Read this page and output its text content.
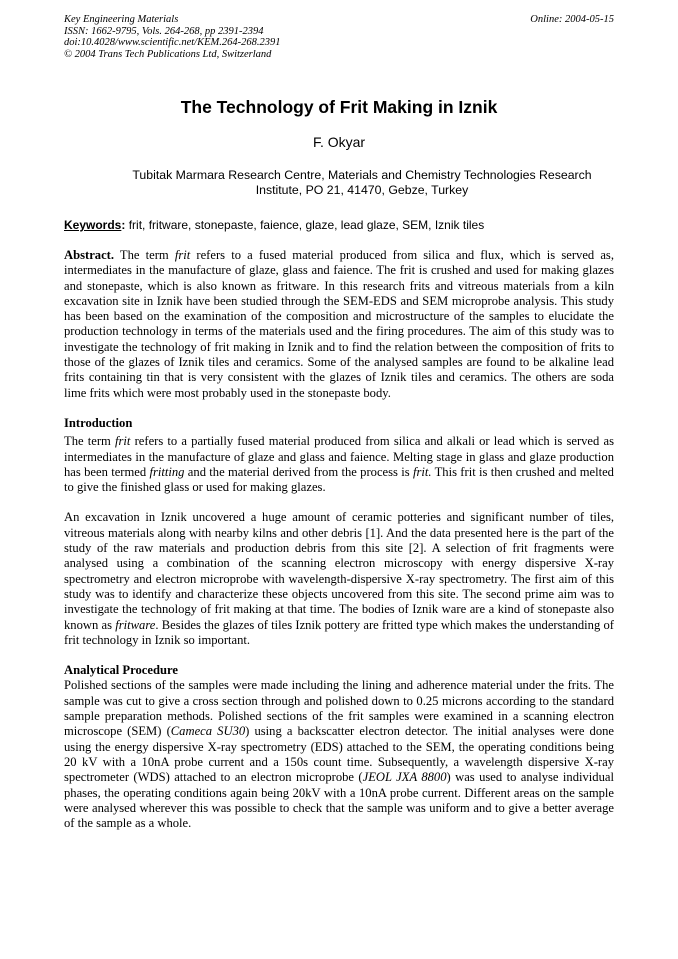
Key Engineering Materials
ISSN: 1662-9795, Vols. 264-268, pp 2391-2394
doi:10.4028/www.scientific.net/KEM.264-268.2391
© 2004 Trans Tech Publications Ltd, Switzerland
Online: 2004-05-15
The Technology of Frit Making in Iznik
F. Okyar
Tubitak Marmara Research Centre, Materials and Chemistry Technologies Research
Institute, PO 21, 41470, Gebze, Turkey
Keywords: frit, fritware, stonepaste, faience, glaze, lead glaze, SEM, Iznik tiles

Abstract. The term frit refers to a fused material produced from silica and flux, which is served as, intermediates in the manufacture of glaze, glass and faience. The frit is crushed and used for making glazes and stonepaste, which is also known as fritware. In this research frits and vitreous materials from a kiln excavation site in Iznik have been studied through the SEM-EDS and SEM microprobe analysis. This study has been based on the examination of the composition and microstructure of the samples to elucidate the production technology in terms of the materials used and the firing procedures. The aim of this study was to investigate the technology of frit making in Iznik and to find the relation between the composition of frits to those of the glazes of Iznik tiles and ceramics. Some of the analysed samples are found to be alkaline lead frits containing tin that is very consistent with the glazes of Iznik tiles and ceramics. The others are soda lime frits which were most probably used in the stonepaste body.

Introduction

The term frit refers to a partially fused material produced from silica and alkali or lead which is served as intermediates in the manufacture of glaze and glass and faience. Melting stage in glass and glaze production has been termed fritting and the material derived from the process is frit. This frit is then crushed and melted to give the finished glass or used for making glazes.

An excavation in Iznik uncovered a huge amount of ceramic potteries and significant number of tiles, vitreous materials along with nearby kilns and other debris [1]. And the data presented here is the part of the study of the raw materials and production debris from this site [2]. A selection of frit fragments were analysed using a combination of the scanning electron microscopy with energy dispersive X-ray spectrometry and electron microprobe with wavelength-dispersive X-ray spectrometry. The first aim of this study was to identify and characterize these objects uncovered from this site. The second prime aim was to investigate the technology of frit making at that time. The bodies of Iznik ware are a kind of stonepaste also known as fritware. Besides the glazes of tiles Iznik pottery are fritted type which makes the understanding of frit technology in Iznik so important.

Analytical Procedure

Polished sections of the samples were made including the lining and adherence material under the frits. The sample was cut to give a cross section through and polished down to 0.25 microns according to the standard sample preparation methods. Polished sections of the frit samples were examined in a scanning electron microscope (SEM) (Cameca SU30) using a backscatter electron detector. The initial analyses were done using the energy dispersive X-ray spectrometry (EDS) attached to the SEM, the operating conditions being 20 kV with a 10nA probe current and a 150s count time. Subsequently, a wavelength dispersive X-ray spectrometer (WDS) attached to an electron microprobe (JEOL JXA 8800) was used to analyse individual phases, the operating conditions again being 20kV with a 10nA probe current. Different areas on the sample were analysed wherever this was possible to check that the sample was uniform and to give a better average of the sample as a whole.
